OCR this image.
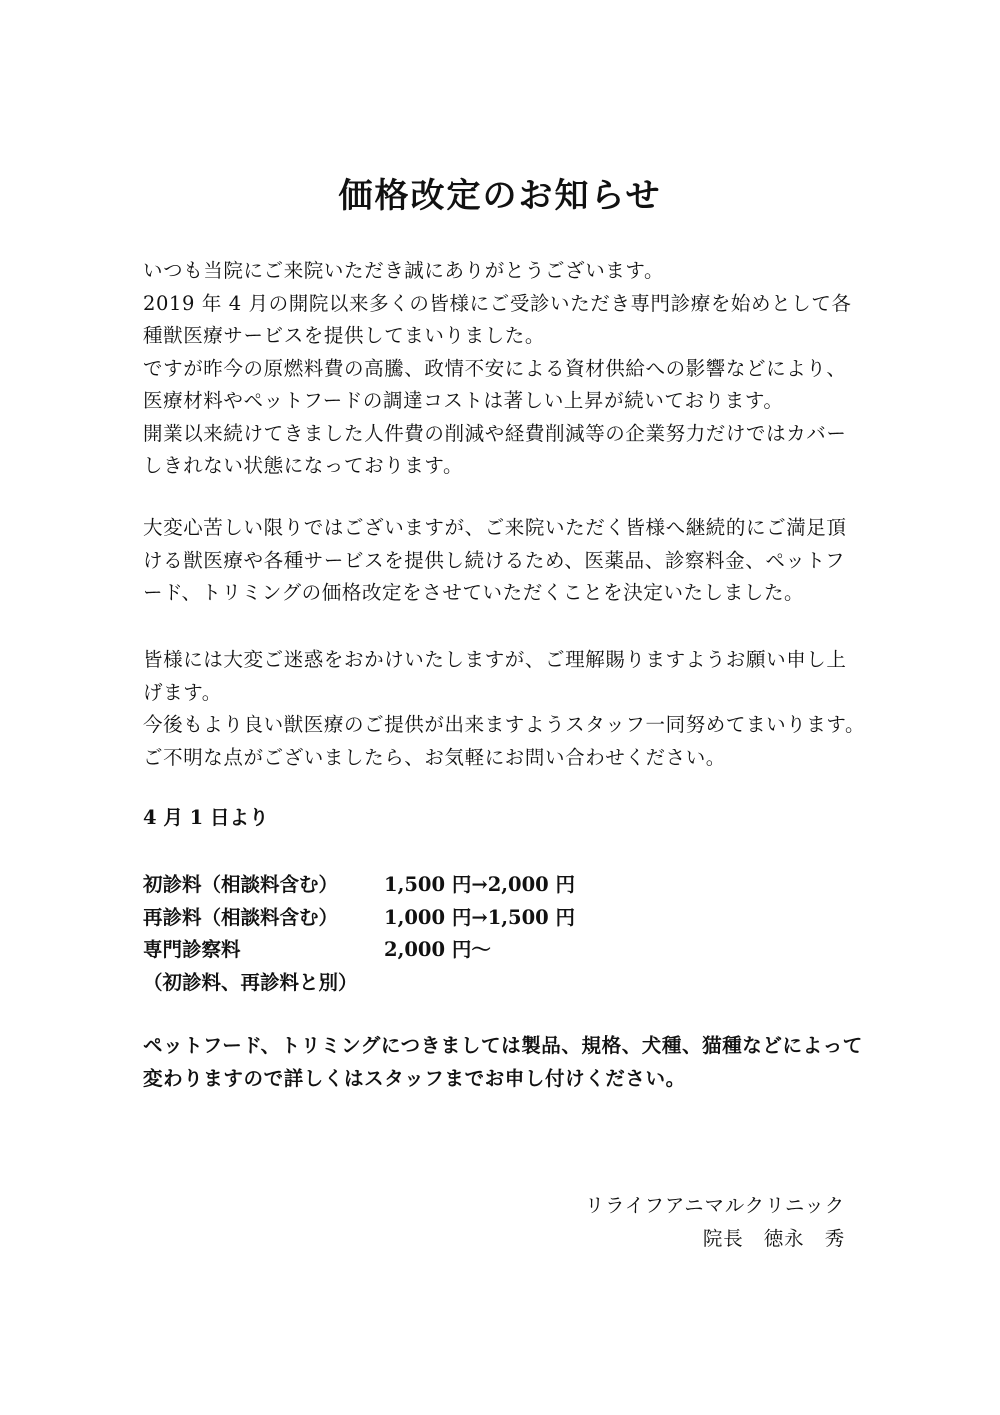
価格改定のお知らせ
いつも当院にご来院いただき誠にありがとうございます。
2019 年 4 月の開院以来多くの皆様にご受診いただき専門診療を始めとして各
種獣医療サービスを提供してまいりました。
ですが昨今の原燃料費の高騰、政情不安による資材供給への影響などにより、
医療材料やペットフードの調達コストは著しい上昇が続いております。
開業以来続けてきました人件費の削減や経費削減等の企業努力だけではカバー
しきれない状態になっております。
大変心苦しい限りではございますが、ご来院いただく皆様へ継続的にご満足頂
ける獣医療や各種サービスを提供し続けるため、医薬品、診察料金、ペットフ
ード、トリミングの価格改定をさせていただくことを決定いたしました。
皆様には大変ご迷惑をおかけいたしますが、ご理解賜りますようお願い申し上
げます。
今後もより良い獣医療のご提供が出来ますようスタッフ一同努めてまいります。
ご不明な点がございましたら、お気軽にお問い合わせください。

4 月 1 日より

初診料（相談料含む） 1,500 円→2,000 円
再診料（相談料含む） 1,000 円→1,500 円
専門診察料	2,000 円〜
（初診料、再診料と別）
ペットフード、トリミングにつきましては製品、規格、犬種、猫種などによって
変わりますので詳しくはスタッフまでお申し付けください。
リライフアニマルクリニック
院長　徳永　秀
